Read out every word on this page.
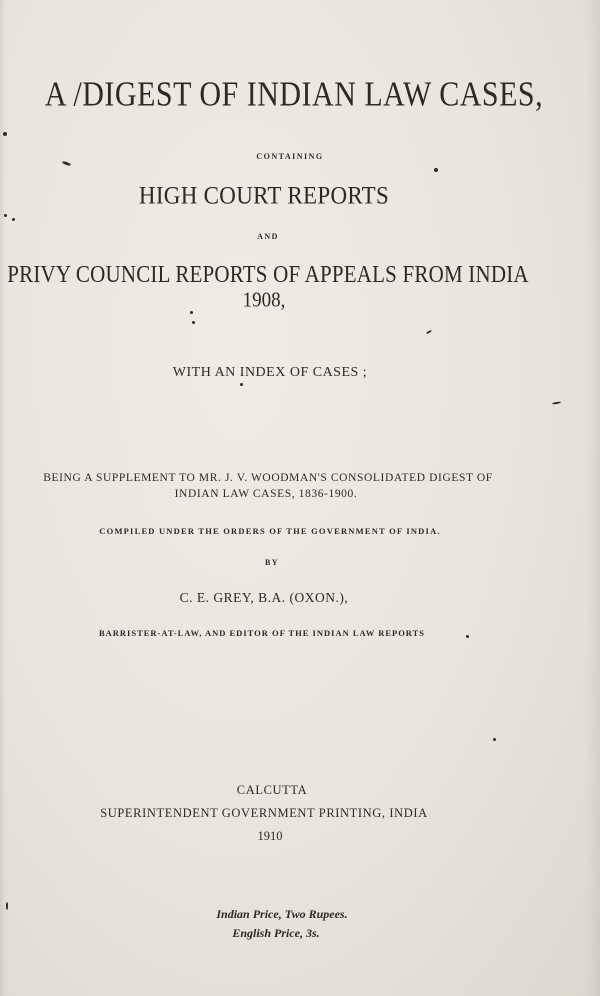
A /DIGEST OF INDIAN LAW CASES,
CONTAINING
HIGH COURT REPORTS
AND
PRIVY COUNCIL REPORTS OF APPEALS FROM INDIA
1908,
WITH AN INDEX OF CASES ;
BEING A SUPPLEMENT TO MR. J. V. WOODMAN'S CONSOLIDATED DIGEST OF
INDIAN LAW CASES, 1836-1900.
COMPILED UNDER THE ORDERS OF THE GOVERNMENT OF INDIA.
BY
C. E. GREY, B.A. (OXON.),
BARRISTER-AT-LAW, AND EDITOR OF THE INDIAN LAW REPORTS
CALCUTTA
SUPERINTENDENT GOVERNMENT PRINTING, INDIA
1910
Indian Price, Two Rupees.
English Price, 3s.
